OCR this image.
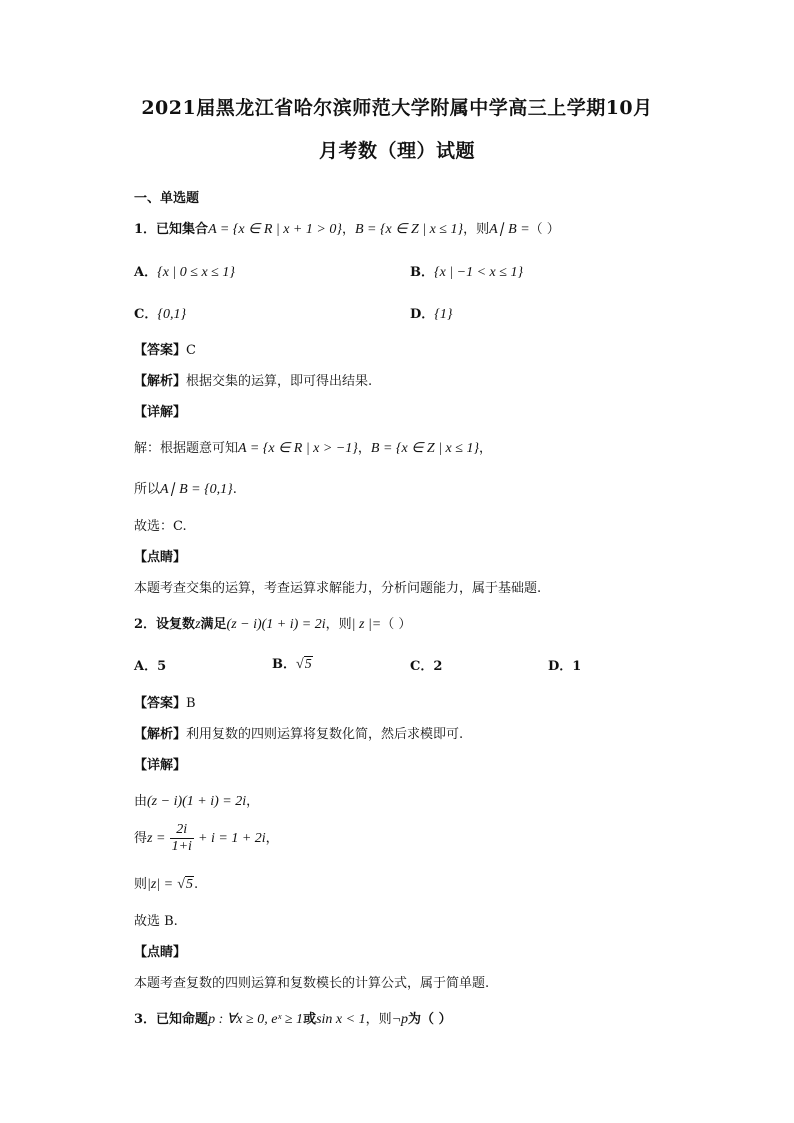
2021届黑龙江省哈尔滨师范大学附属中学高三上学期10月
月考数（理）试题
一、单选题
1．已知集合A = {x ∈ R | x + 1 > 0}，B = {x ∈ Z | x ≤ 1}，则A∣ B =（ ）
A．{x | 0 ≤ x ≤ 1}	B．{x | −1 < x ≤ 1}
C．{0,1}	D．{1}
【答案】C
【解析】根据交集的运算，即可得出结果.
【详解】
解：根据题意可知A = {x ∈ R | x > −1}，B = {x ∈ Z | x ≤ 1}，
所以A∣ B = {0,1}.
故选：C.
【点睛】
本题考查交集的运算，考查运算求解能力，分析问题能力，属于基础题.
2．设复数z满足(z − i)(1 + i) = 2i，则| z |=（ ）
A．5	B．√5	C．2	D．1
【答案】B
【解析】利用复数的四则运算将复数化简，然后求模即可.
【详解】
由(z − i)(1 + i) = 2i，
得$z = \frac{2i}{1+i} + i = 1 + 2i$，
则|z| = √5.
故选 B.
【点睛】
本题考查复数的四则运算和复数模长的计算公式，属于简单题.
3．已知命题p : ∀x ≥ 0, eˣ ≥ 1或sin x < 1，则¬p为（ ）
